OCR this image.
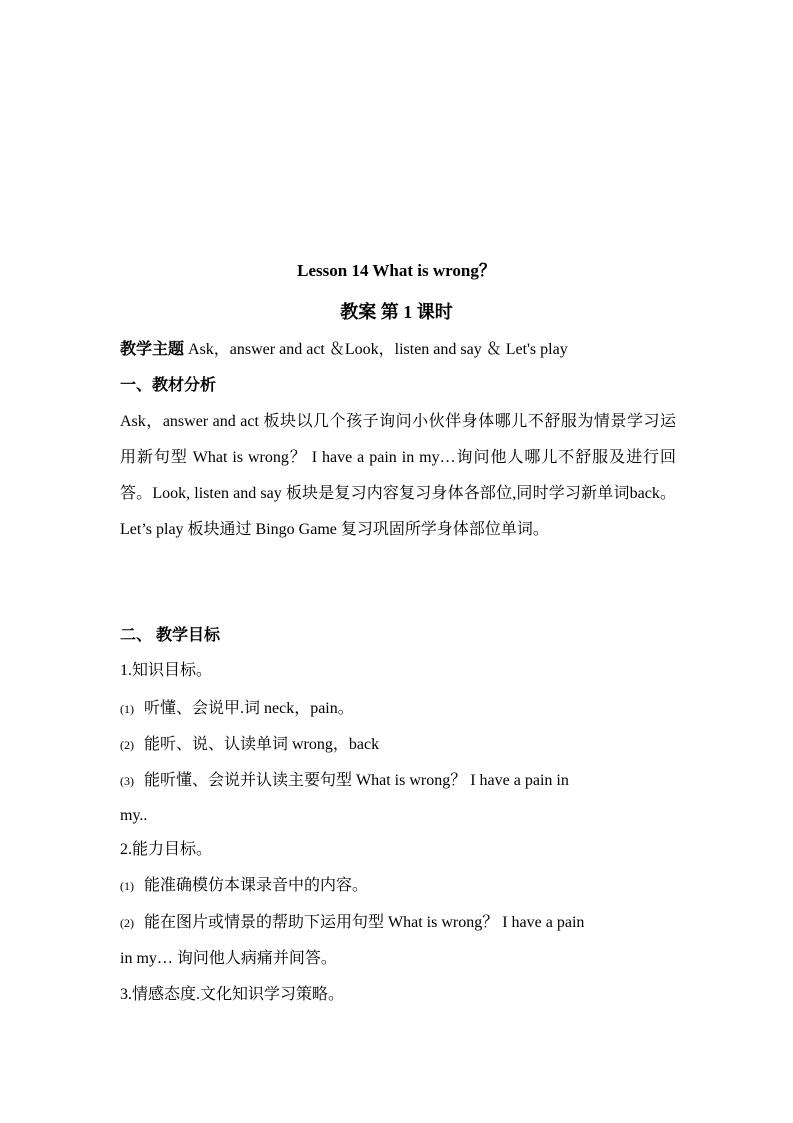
Lesson 14 What is wrong？
教案 第 1 课时
教学主题 Ask，answer and act ＆Look，listen and say ＆ Let's play
一、教材分析
Ask，answer and act 板块以几个孩子询问小伙伴身体哪儿不舒服为情景学习运用新句型 What is wrong？ I have a pain in my…询问他人哪儿不舒服及进行回答。Look, listen and say 板块是复习内容复习身体各部位,同时学习新单词back。 Let’s play 板块通过 Bingo Game 复习巩固所学身体部位单词。
二、 教学目标
1.知识目标。
(1) 听懂、会说甲.词 neck，pain。
(2) 能听、说、认读单词 wrong，back
(3) 能听懂、会说并认读主要句型 What is wrong？ I have a pain in
my..
2.能力目标。
(1) 能准确模仿本课录音中的内容。
(2) 能在图片或情景的帮助下运用句型 What is wrong？ I have a pain
in my… 询问他人病痛并间答。
3.情感态度.文化知识学习策略。
